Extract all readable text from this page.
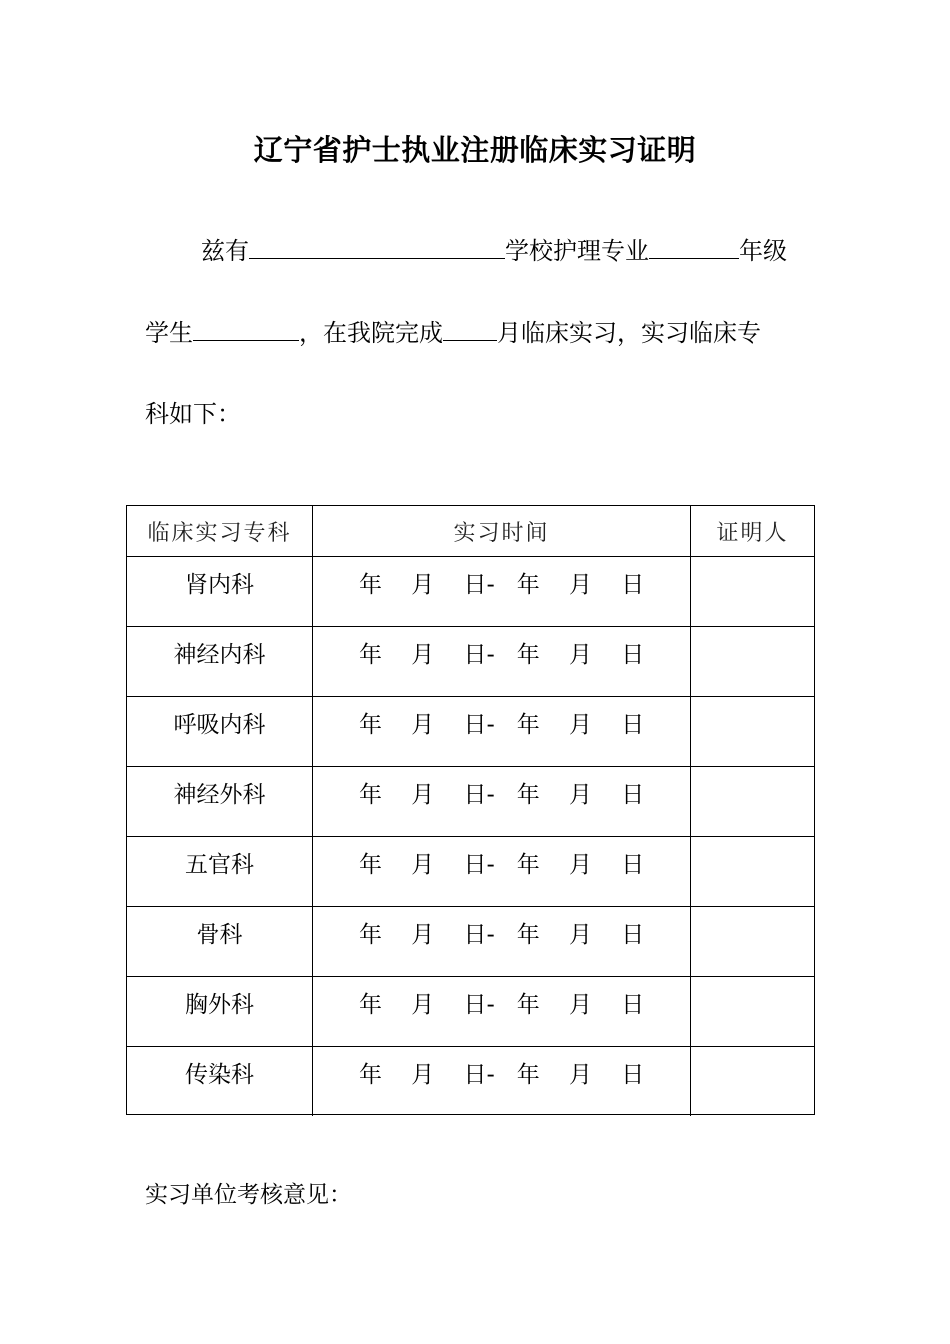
辽宁省护士执业注册临床实习证明
兹有	学校护理专业	年级
学生	，在我院完成 月临床实习，实习临床专
科如下：
临床实习专科	实习时间	证明人
肾内科	年    月    日-   年    月    日
神经内科	年    月    日-   年    月    日
呼吸内科	年    月    日-   年    月    日
神经外科	年    月    日-   年    月    日
五官科	年    月    日-   年    月    日
骨科	年    月    日-   年    月    日
胸外科	年    月    日-   年    月    日
传染科	年    月    日-   年    月    日
实习单位考核意见：
